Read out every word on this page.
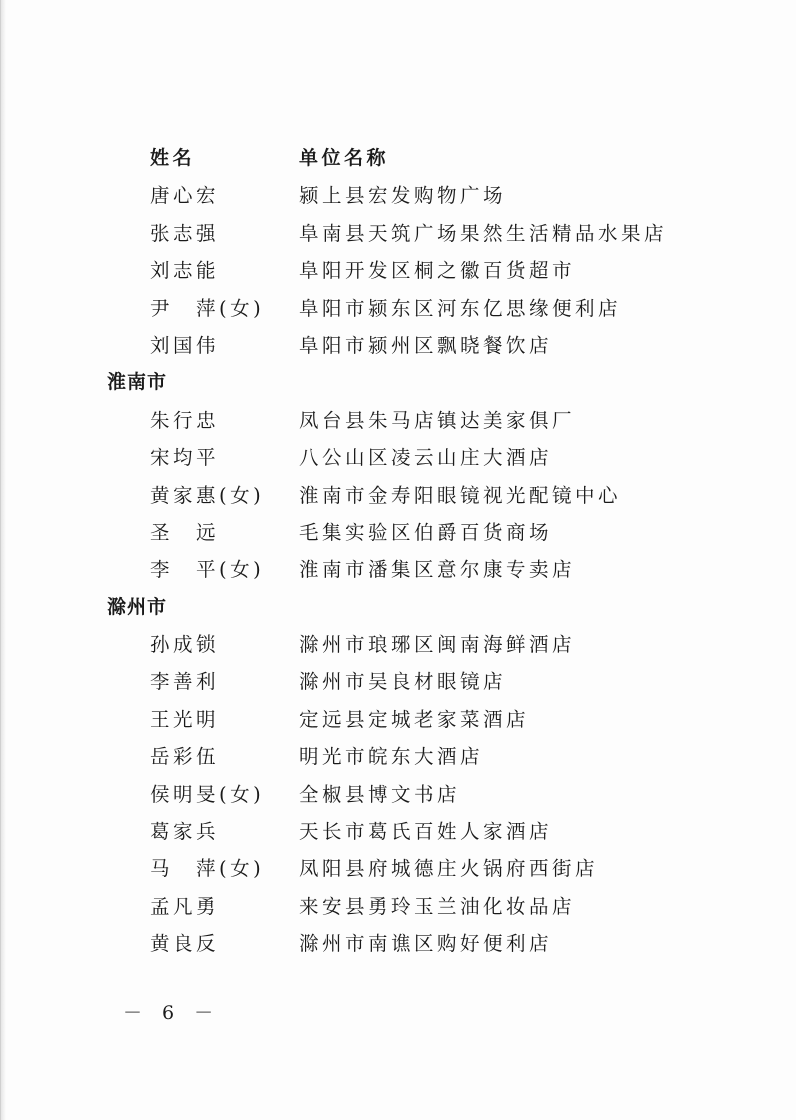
姓名	单位名称
唐心宏	颍上县宏发购物广场
张志强	阜南县天筑广场果然生活精品水果店
刘志能	阜阳开发区桐之徽百货超市
尹　萍(女) 阜阳市颍东区河东亿思缘便利店
刘国伟	阜阳市颍州区飘晓餐饮店
淮南市
朱行忠	凤台县朱马店镇达美家俱厂
宋均平	八公山区凌云山庄大酒店
黄家惠(女) 淮南市金寿阳眼镜视光配镜中心
圣　远	毛集实验区伯爵百货商场
李　平(女) 淮南市潘集区意尔康专卖店
滁州市
孙成锁	滁州市琅琊区闽南海鲜酒店
李善利	滁州市吴良材眼镜店
王光明	定远县定城老家菜酒店
岳彩伍	明光市皖东大酒店
侯明旻(女) 全椒县博文书店
葛家兵	天长市葛氏百姓人家酒店
马　萍(女) 凤阳县府城德庄火锅府西街店
孟凡勇	来安县勇玲玉兰油化妆品店
黄良反	滁州市南谯区购好便利店
－ 6 －
